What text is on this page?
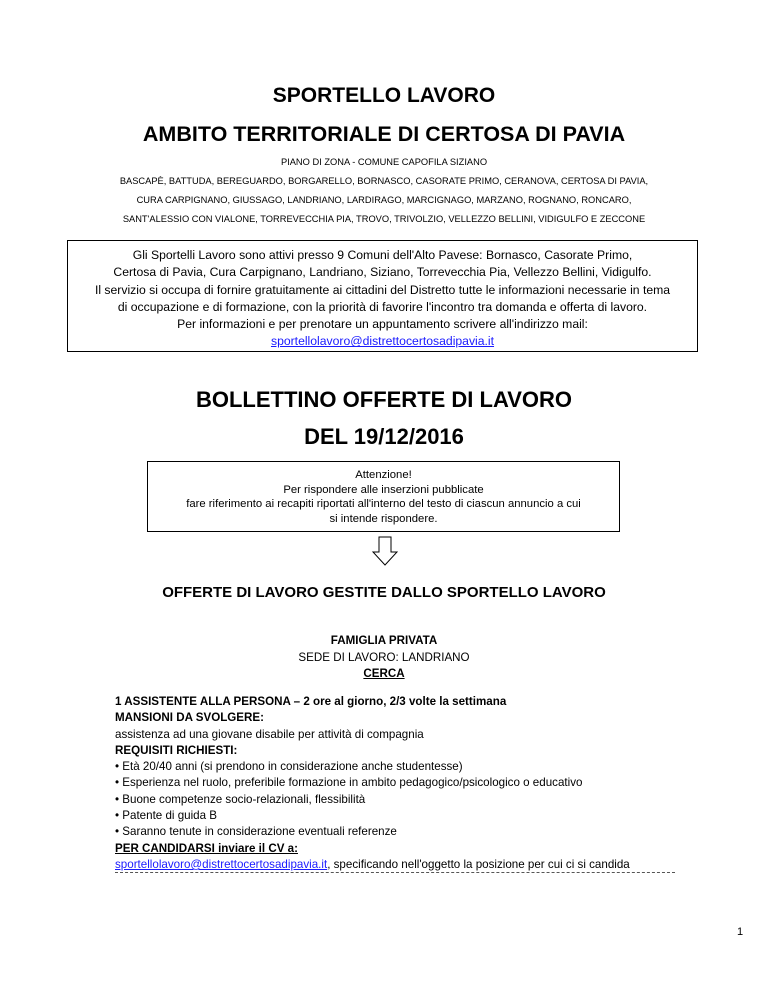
SPORTELLO LAVORO
AMBITO TERRITORIALE DI CERTOSA DI PAVIA
PIANO DI ZONA - COMUNE CAPOFILA SIZIANO
BASCAPÈ, BATTUDA, BEREGUARDO, BORGARELLO, BORNASCO, CASORATE PRIMO, CERANOVA, CERTOSA DI PAVIA,
CURA CARPIGNANO, GIUSSAGO, LANDRIANO, LARDIRAGO, MARCIGNAGO, MARZANO, ROGNANO, RONCARO,
SANT'ALESSIO CON VIALONE, TORREVECCHIA PIA, TROVO, TRIVOLZIO, VELLEZZO BELLINI, VIDIGULFO E ZECCONE
Gli Sportelli Lavoro sono attivi presso 9 Comuni dell'Alto Pavese: Bornasco, Casorate Primo,
Certosa di Pavia, Cura Carpignano, Landriano, Siziano, Torrevecchia Pia, Vellezzo Bellini, Vidigulfo.
Il servizio si occupa di fornire gratuitamente ai cittadini del Distretto tutte le informazioni necessarie in tema
di occupazione e di formazione, con la priorità di favorire l'incontro tra domanda e offerta di lavoro.
Per informazioni e per prenotare un appuntamento scrivere all'indirizzo mail:
sportellolavoro@distrettocertosadipavia.it
BOLLETTINO OFFERTE DI LAVORO
DEL 19/12/2016
Attenzione!
Per rispondere alle inserzioni pubblicate
fare riferimento ai recapiti riportati all'interno del testo di ciascun annuncio a cui
si intende rispondere.
OFFERTE DI LAVORO GESTITE DALLO SPORTELLO LAVORO
FAMIGLIA PRIVATA
SEDE DI LAVORO: LANDRIANO
CERCA
1 ASSISTENTE ALLA PERSONA – 2 ore al giorno, 2/3 volte la settimana
MANSIONI DA SVOLGERE:
assistenza ad una giovane disabile per attività di compagnia
REQUISITI RICHIESTI:
• Età 20/40 anni (si prendono in considerazione anche studentesse)
• Esperienza nel ruolo, preferibile formazione in ambito pedagogico/psicologico o educativo
• Buone competenze socio-relazionali, flessibilità
• Patente di guida B
• Saranno tenute in considerazione eventuali referenze
PER CANDIDARSI inviare il CV a:
sportellolavoro@distrettocertosadipavia.it, specificando nell'oggetto la posizione per cui ci si candida
1
